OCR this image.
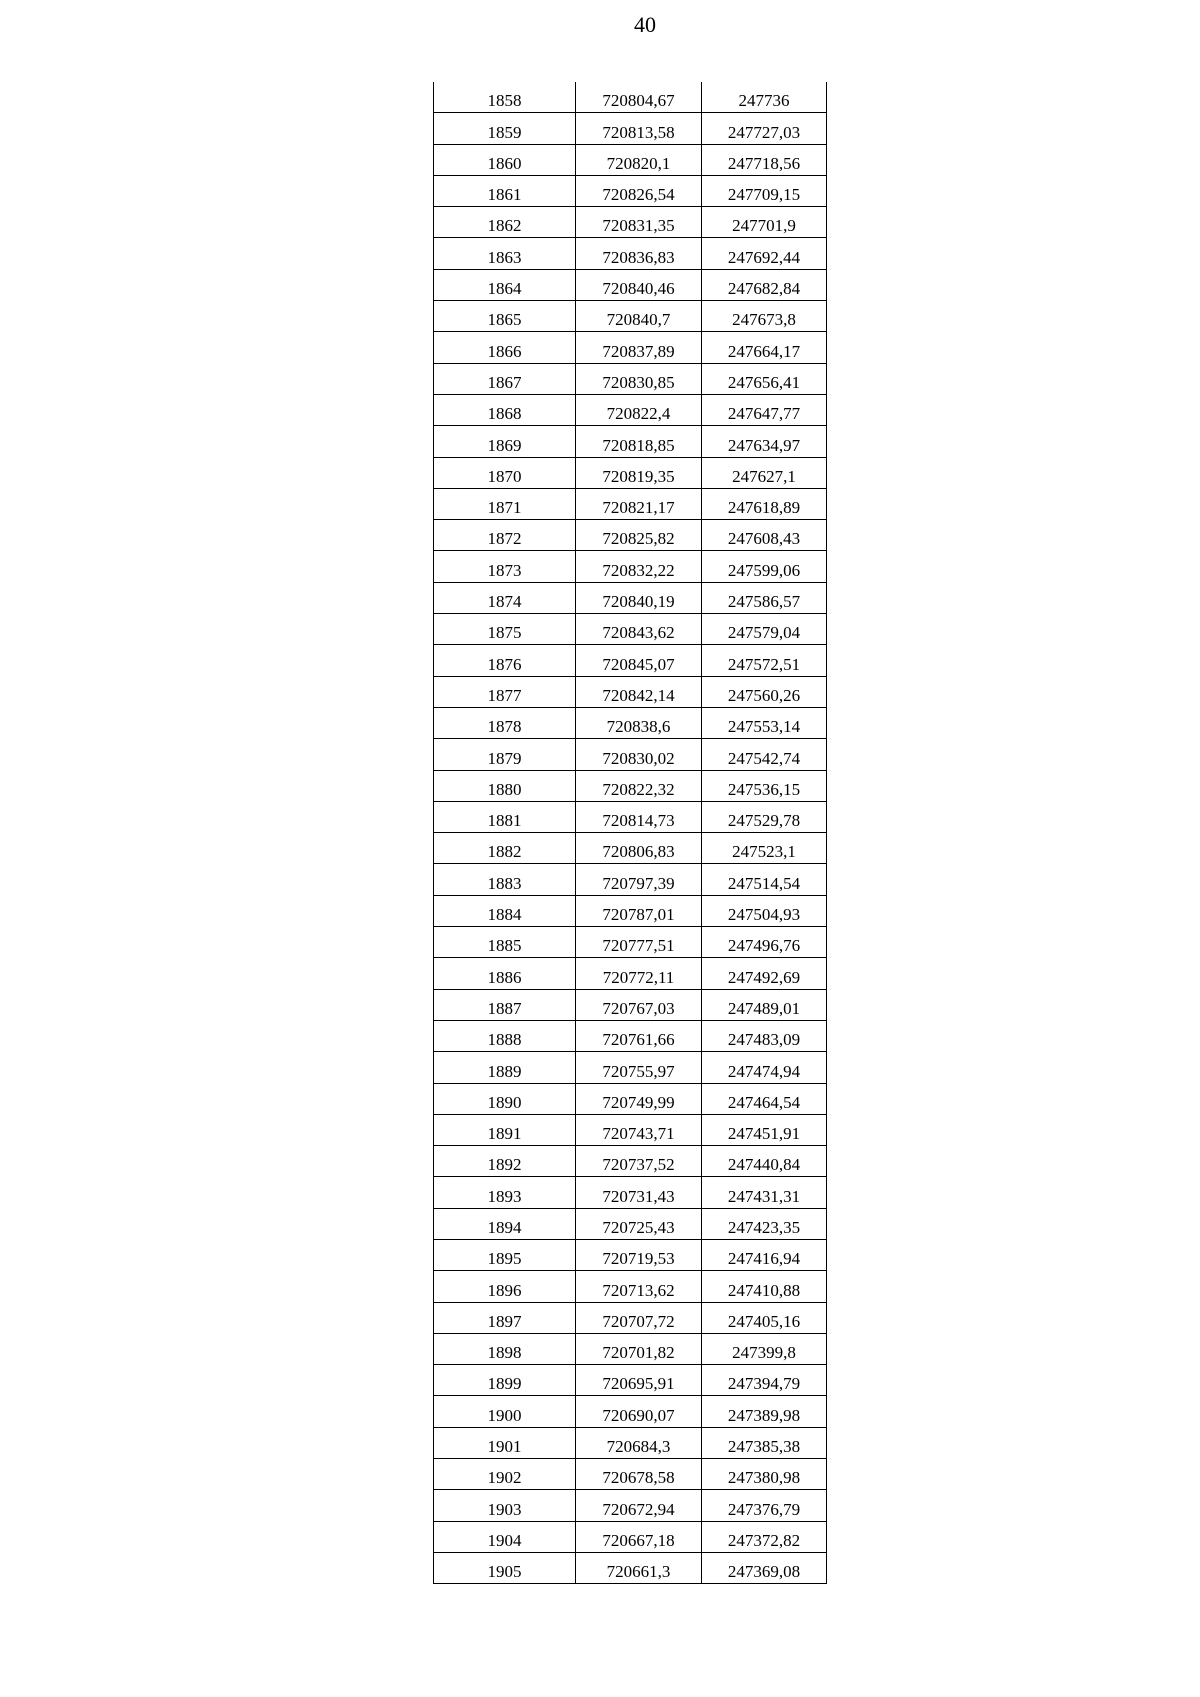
40
1858	720804,67	247736
1859	720813,58	247727,03
1860	720820,1	247718,56
1861	720826,54	247709,15
1862	720831,35	247701,9
1863	720836,83	247692,44
1864	720840,46	247682,84
1865	720840,7	247673,8
1866	720837,89	247664,17
1867	720830,85	247656,41
1868	720822,4	247647,77
1869	720818,85	247634,97
1870	720819,35	247627,1
1871	720821,17	247618,89
1872	720825,82	247608,43
1873	720832,22	247599,06
1874	720840,19	247586,57
1875	720843,62	247579,04
1876	720845,07	247572,51
1877	720842,14	247560,26
1878	720838,6	247553,14
1879	720830,02	247542,74
1880	720822,32	247536,15
1881	720814,73	247529,78
1882	720806,83	247523,1
1883	720797,39	247514,54
1884	720787,01	247504,93
1885	720777,51	247496,76
1886	720772,11	247492,69
1887	720767,03	247489,01
1888	720761,66	247483,09
1889	720755,97	247474,94
1890	720749,99	247464,54
1891	720743,71	247451,91
1892	720737,52	247440,84
1893	720731,43	247431,31
1894	720725,43	247423,35
1895	720719,53	247416,94
1896	720713,62	247410,88
1897	720707,72	247405,16
1898	720701,82	247399,8
1899	720695,91	247394,79
1900	720690,07	247389,98
1901	720684,3	247385,38
1902	720678,58	247380,98
1903	720672,94	247376,79
1904	720667,18	247372,82
1905	720661,3	247369,08
